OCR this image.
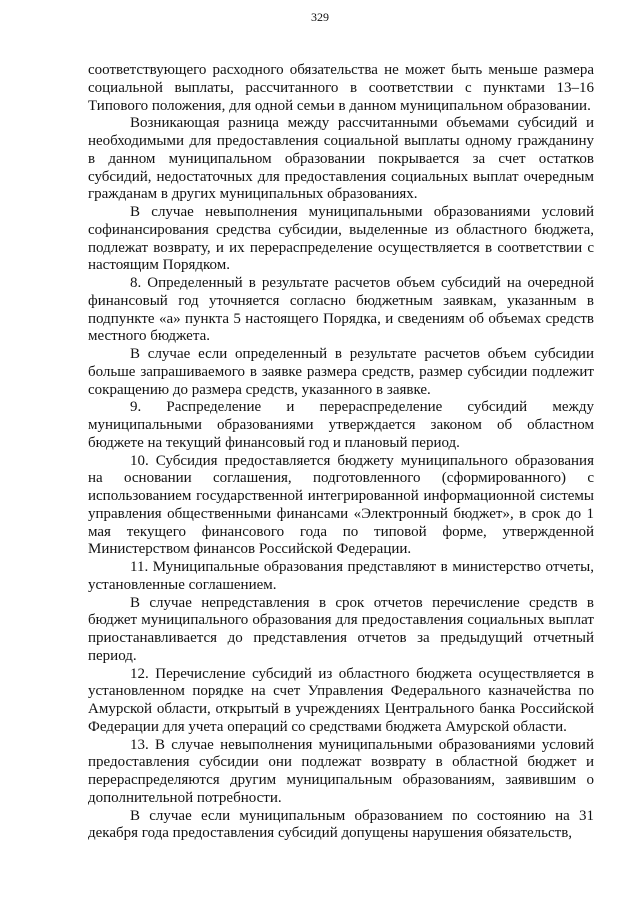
329

соответствующего расходного обязательства не может быть меньше размера социальной выплаты, рассчитанного в соответствии с пунктами 13–16 Типового положения, для одной семьи в данном муниципальном образовании.

Возникающая разница между рассчитанными объемами субсидий и необходимыми для предоставления социальной выплаты одному гражданину в данном муниципальном образовании покрывается за счет остатков субсидий, недостаточных для предоставления социальных выплат очередным гражданам в других муниципальных образованиях.

В случае невыполнения муниципальными образованиями условий софинансирования средства субсидии, выделенные из областного бюджета, подлежат возврату, и их перераспределение осуществляется в соответствии с настоящим Порядком.

8. Определенный в результате расчетов объем субсидий на очередной финансовый год уточняется согласно бюджетным заявкам, указанным в подпункте «а» пункта 5 настоящего Порядка, и сведениям об объемах средств местного бюджета.

В случае если определенный в результате расчетов объем субсидии больше запрашиваемого в заявке размера средств, размер субсидии подлежит сокращению до размера средств, указанного в заявке.

9. Распределение и перераспределение субсидий между муниципальными образованиями утверждается законом об областном бюджете на текущий финансовый год и плановый период.

10. Субсидия предоставляется бюджету муниципального образования на основании соглашения, подготовленного (сформированного) с использованием государственной интегрированной информационной системы управления общественными финансами «Электронный бюджет», в срок до 1 мая текущего финансового года по типовой форме, утвержденной Министерством финансов Российской Федерации.

11. Муниципальные образования представляют в министерство отчеты, установленные соглашением.

В случае непредставления в срок отчетов перечисление средств в бюджет муниципального образования для предоставления социальных выплат приостанавливается до представления отчетов за предыдущий отчетный период.

12. Перечисление субсидий из областного бюджета осуществляется в установленном порядке на счет Управления Федерального казначейства по Амурской области, открытый в учреждениях Центрального банка Российской Федерации для учета операций со средствами бюджета Амурской области.

13. В случае невыполнения муниципальными образованиями условий предоставления субсидии они подлежат возврату в областной бюджет и перераспределяются другим муниципальным образованиям, заявившим о дополнительной потребности.

В случае если муниципальным образованием по состоянию на 31 декабря года предоставления субсидий допущены нарушения обязательств,
